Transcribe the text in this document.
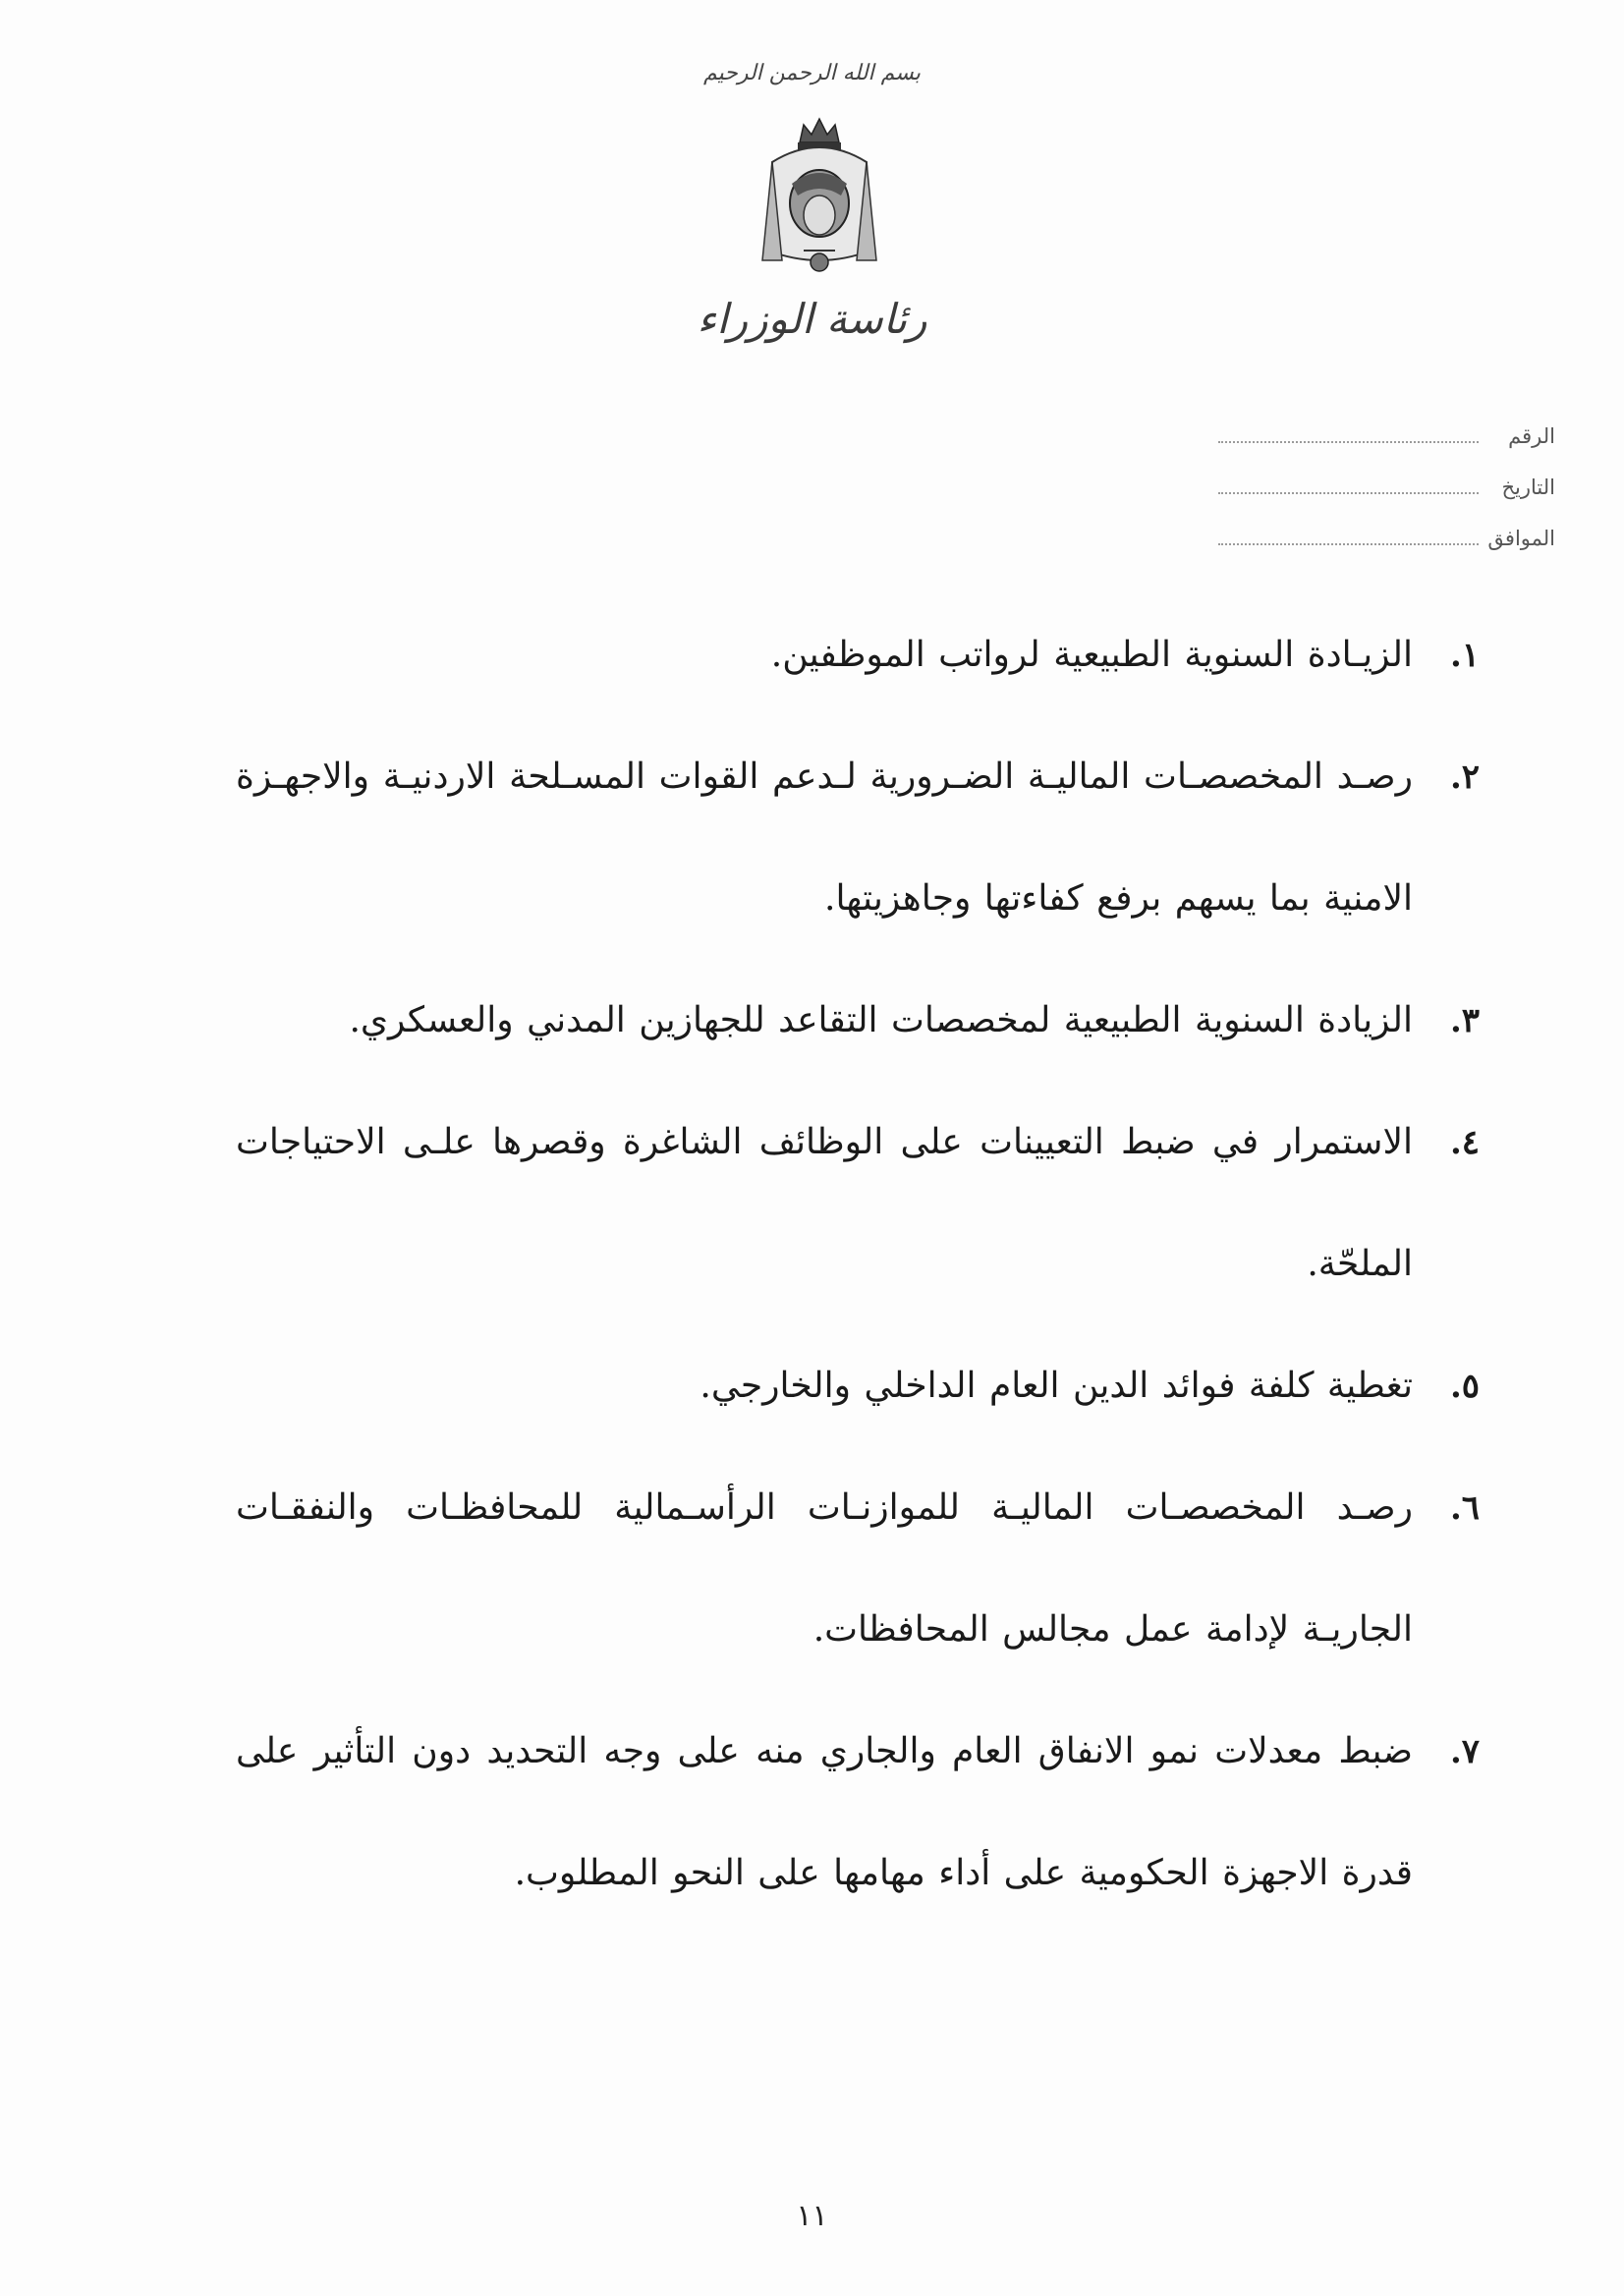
بسم الله الرحمن الرحيم
رئاسة الوزراء
الرقم
التاريخ
الموافق
١.
الزيـادة السنوية الطبيعية لرواتب الموظفين.
٢.
رصـد المخصصـات الماليـة الضـرورية لـدعم القوات المسـلحة الاردنيـة والاجهـزة الامنية بما يسهم برفع كفاءتها وجاهزيتها.
٣.
الزيادة السنوية الطبيعية لمخصصات التقاعد للجهازين المدني والعسكري.
٤.
الاستمرار في ضبط التعيينات على الوظائف الشاغرة وقصرها علـى الاحتياجات الملحّة.
٥.
تغطية كلفة فوائد الدين العام الداخلي والخارجي.
٦.
رصـد المخصصـات الماليـة للموازنـات الرأسـمالية للمحافظـات والنفقـات الجاريـة لإدامة عمل مجالس المحافظات.
٧.
ضبط معدلات نمو الانفاق العام والجاري منه على وجه التحديد دون التأثير على قدرة الاجهزة الحكومية على أداء مهامها على النحو المطلوب.
١١
